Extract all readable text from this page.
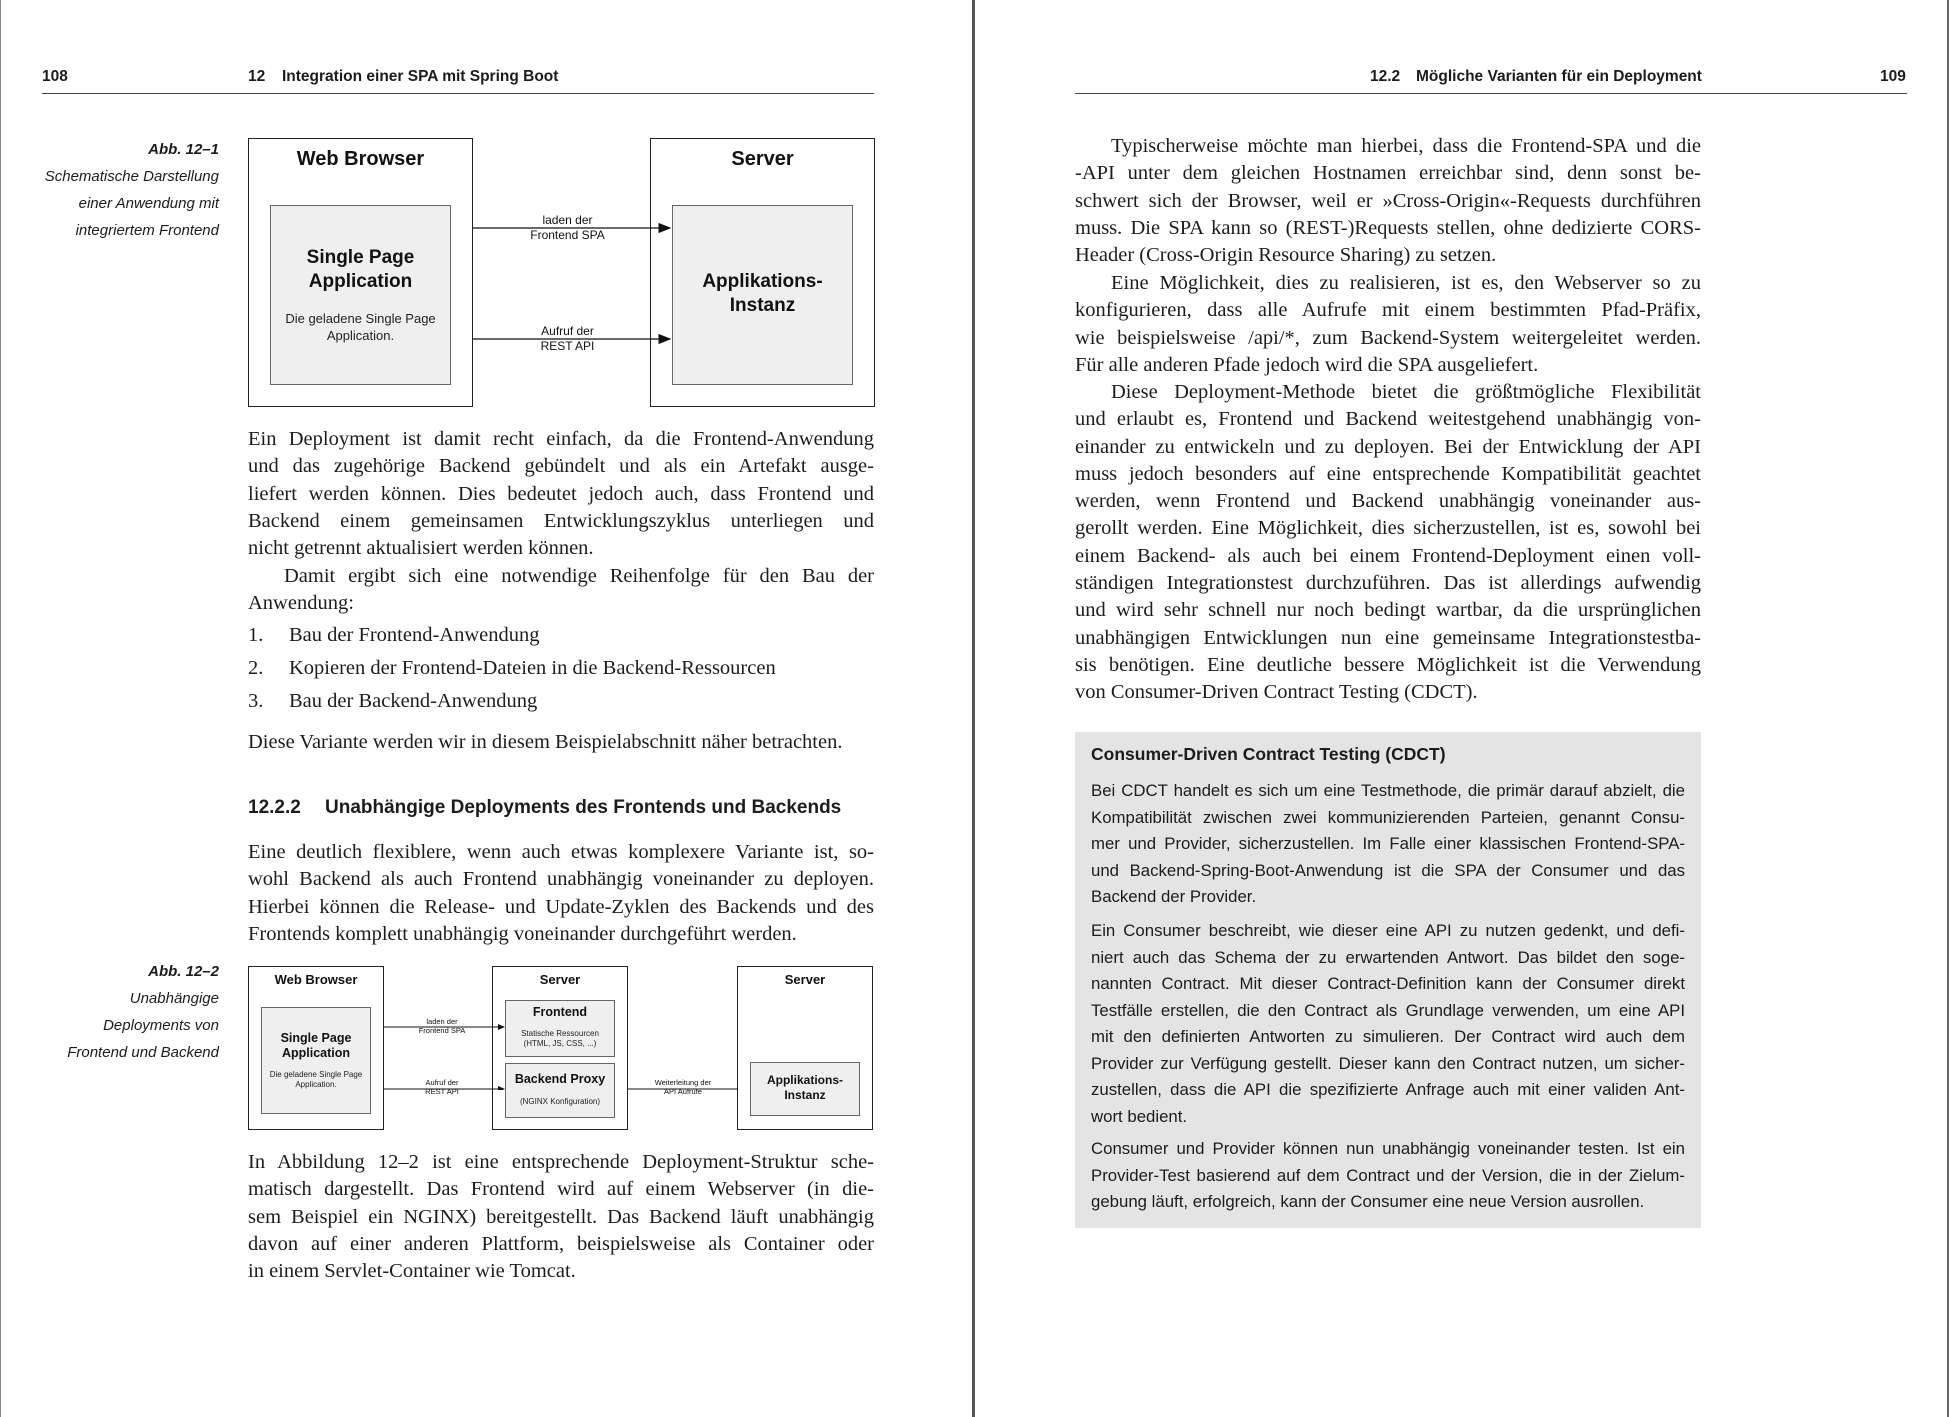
108	12 Integration einer SPA mit Spring Boot
Abb. 12–1
Schematische Darstellung
einer Anwendung mit
integriertem Frontend
Web Browser
Single Page
Application
Die geladene Single Page
Application.
Server
Applikations-
Instanz
laden der
Frontend SPA
Aufruf der
REST API
Ein Deployment ist damit recht einfach, da die Frontend-Anwendung
und das zugehörige Backend gebündelt und als ein Artefakt ausge-
liefert werden können. Dies bedeutet jedoch auch, dass Frontend und
Backend einem gemeinsamen Entwicklungszyklus unterliegen und
nicht getrennt aktualisiert werden können.
Damit ergibt sich eine notwendige Reihenfolge für den Bau der
Anwendung:
1. Bau der Frontend-Anwendung
2. Kopieren der Frontend-Dateien in die Backend-Ressourcen
3. Bau der Backend-Anwendung
Diese Variante werden wir in diesem Beispielabschnitt näher betrachten.
12.2.2 Unabhängige Deployments des Frontends und Backends
Eine deutlich flexiblere, wenn auch etwas komplexere Variante ist, so-
wohl Backend als auch Frontend unabhängig voneinander zu deployen.
Hierbei können die Release- und Update-Zyklen des Backends und des
Frontends komplett unabhängig voneinander durchgeführt werden.
Abb. 12–2
Unabhängige
Deployments von
Frontend und Backend
Web Browser
Single Page
Application
Die geladene Single Page
Application.
Server
Frontend
Statische Ressourcen
(HTML, JS, CSS, ...)
Backend Proxy
(NGINX Konfiguration)
Server
Applikations-
Instanz
laden der
Frontend SPA
Aufruf der
REST API
Weiterleitung der
API Aufrufe
In Abbildung 12–2 ist eine entsprechende Deployment-Struktur sche-
matisch dargestellt. Das Frontend wird auf einem Webserver (in die-
sem Beispiel ein NGINX) bereitgestellt. Das Backend läuft unabhängig
davon auf einer anderen Plattform, beispielsweise als Container oder
in einem Servlet-Container wie Tomcat.
12.2 Mögliche Varianten für ein Deployment	109
Typischerweise möchte man hierbei, dass die Frontend-SPA und die
-API unter dem gleichen Hostnamen erreichbar sind, denn sonst be-
schwert sich der Browser, weil er »Cross-Origin«-Requests durchführen
muss. Die SPA kann so (REST-)Requests stellen, ohne dedizierte CORS-
Header (Cross-Origin Resource Sharing) zu setzen.
Eine Möglichkeit, dies zu realisieren, ist es, den Webserver so zu
konfigurieren, dass alle Aufrufe mit einem bestimmten Pfad-Präfix,
wie beispielsweise /api/*, zum Backend-System weitergeleitet werden.
Für alle anderen Pfade jedoch wird die SPA ausgeliefert.
Diese Deployment-Methode bietet die größtmögliche Flexibilität
und erlaubt es, Frontend und Backend weitestgehend unabhängig von-
einander zu entwickeln und zu deployen. Bei der Entwicklung der API
muss jedoch besonders auf eine entsprechende Kompatibilität geachtet
werden, wenn Frontend und Backend unabhängig voneinander aus-
gerollt werden. Eine Möglichkeit, dies sicherzustellen, ist es, sowohl bei
einem Backend- als auch bei einem Frontend-Deployment einen voll-
ständigen Integrationstest durchzuführen. Das ist allerdings aufwendig
und wird sehr schnell nur noch bedingt wartbar, da die ursprünglichen
unabhängigen Entwicklungen nun eine gemeinsame Integrationstestba-
sis benötigen. Eine deutliche bessere Möglichkeit ist die Verwendung
von Consumer-Driven Contract Testing (CDCT).
Consumer-Driven Contract Testing (CDCT)
Bei CDCT handelt es sich um eine Testmethode, die primär darauf abzielt, die
Kompatibilität zwischen zwei kommunizierenden Parteien, genannt Consu-
mer und Provider, sicherzustellen. Im Falle einer klassischen Frontend-SPA-
und Backend-Spring-Boot-Anwendung ist die SPA der Consumer und das
Backend der Provider.
Ein Consumer beschreibt, wie dieser eine API zu nutzen gedenkt, und defi-
niert auch das Schema der zu erwartenden Antwort. Das bildet den soge-
nannten Contract. Mit dieser Contract-Definition kann der Consumer direkt
Testfälle erstellen, die den Contract als Grundlage verwenden, um eine API
mit den definierten Antworten zu simulieren. Der Contract wird auch dem
Provider zur Verfügung gestellt. Dieser kann den Contract nutzen, um sicher-
zustellen, dass die API die spezifizierte Anfrage auch mit einer validen Ant-
wort bedient.
Consumer und Provider können nun unabhängig voneinander testen. Ist ein
Provider-Test basierend auf dem Contract und der Version, die in der Zielum-
gebung läuft, erfolgreich, kann der Consumer eine neue Version ausrollen.
